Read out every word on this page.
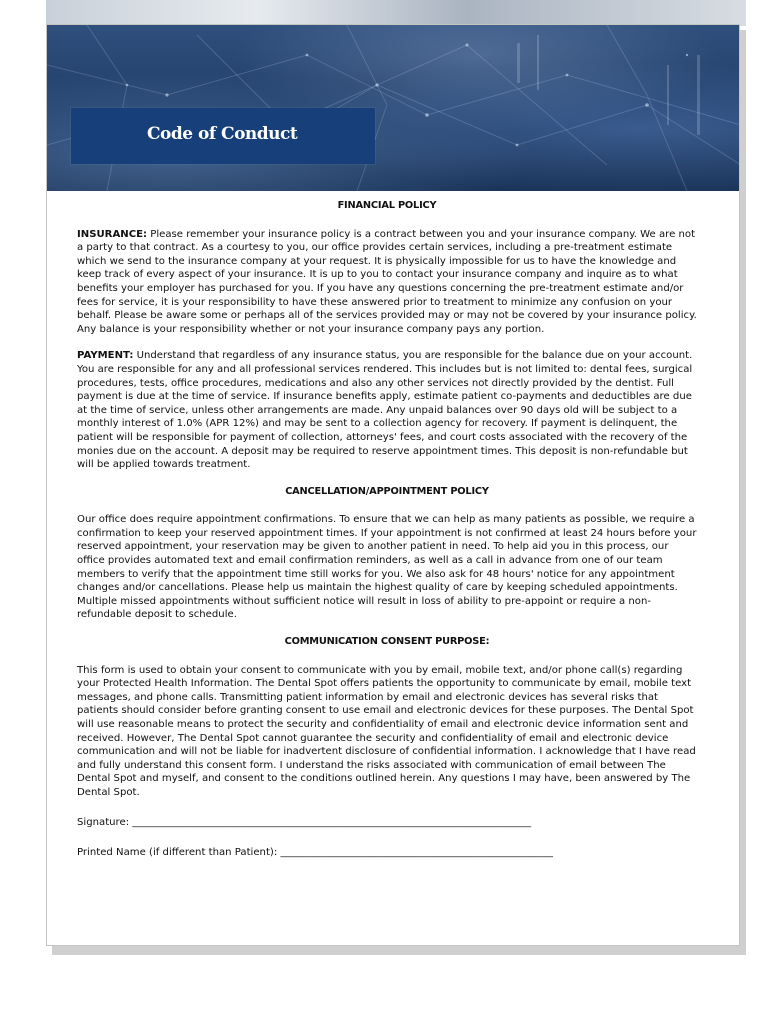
Code of Conduct

FINANCIAL POLICY

INSURANCE: Please remember your insurance policy is a contract between you and your insurance company. We are not a party to that contract. As a courtesy to you, our office provides certain services, including a pre-treatment estimate which we send to the insurance company at your request. It is physically impossible for us to have the knowledge and keep track of every aspect of your insurance. It is up to you to contact your insurance company and inquire as to what benefits your employer has purchased for you. If you have any questions concerning the pre-treatment estimate and/or fees for service, it is your responsibility to have these answered prior to treatment to minimize any confusion on your behalf. Please be aware some or perhaps all of the services provided may or may not be covered by your insurance policy. Any balance is your responsibility whether or not your insurance company pays any portion.

PAYMENT: Understand that regardless of any insurance status, you are responsible for the balance due on your account. You are responsible for any and all professional services rendered. This includes but is not limited to: dental fees, surgical procedures, tests, office procedures, medications and also any other services not directly provided by the dentist. Full payment is due at the time of service. If insurance benefits apply, estimate patient co-payments and deductibles are due at the time of service, unless other arrangements are made. Any unpaid balances over 90 days old will be subject to a monthly interest of 1.0% (APR 12%) and may be sent to a collection agency for recovery. If payment is delinquent, the patient will be responsible for payment of collection, attorneys' fees, and court costs associated with the recovery of the monies due on the account. A deposit may be required to reserve appointment times. This deposit is non-refundable but will be applied towards treatment.

CANCELLATION/APPOINTMENT POLICY

Our office does require appointment confirmations. To ensure that we can help as many patients as possible, we require a confirmation to keep your reserved appointment times. If your appointment is not confirmed at least 24 hours before your reserved appointment, your reservation may be given to another patient in need. To help aid you in this process, our office provides automated text and email confirmation reminders, as well as a call in advance from one of our team members to verify that the appointment time still works for you. We also ask for 48 hours' notice for any appointment changes and/or cancellations. Please help us maintain the highest quality of care by keeping scheduled appointments. Multiple missed appointments without sufficient notice will result in loss of ability to pre-appoint or require a non-refundable deposit to schedule.

COMMUNICATION CONSENT PURPOSE:

This form is used to obtain your consent to communicate with you by email, mobile text, and/or phone call(s) regarding your Protected Health Information. The Dental Spot offers patients the opportunity to communicate by email, mobile text messages, and phone calls. Transmitting patient information by email and electronic devices has several risks that patients should consider before granting consent to use email and electronic devices for these purposes. The Dental Spot will use reasonable means to protect the security and confidentiality of email and electronic device information sent and received. However, The Dental Spot cannot guarantee the security and confidentiality of email and electronic device communication and will not be liable for inadvertent disclosure of confidential information. I acknowledge that I have read and fully understand this consent form. I understand the risks associated with communication of email between The Dental Spot and myself, and consent to the conditions outlined herein. Any questions I may have, been answered by The Dental Spot.

Signature: _______________________________________________________________________________

Printed Name (if different than Patient): ______________________________________________________
